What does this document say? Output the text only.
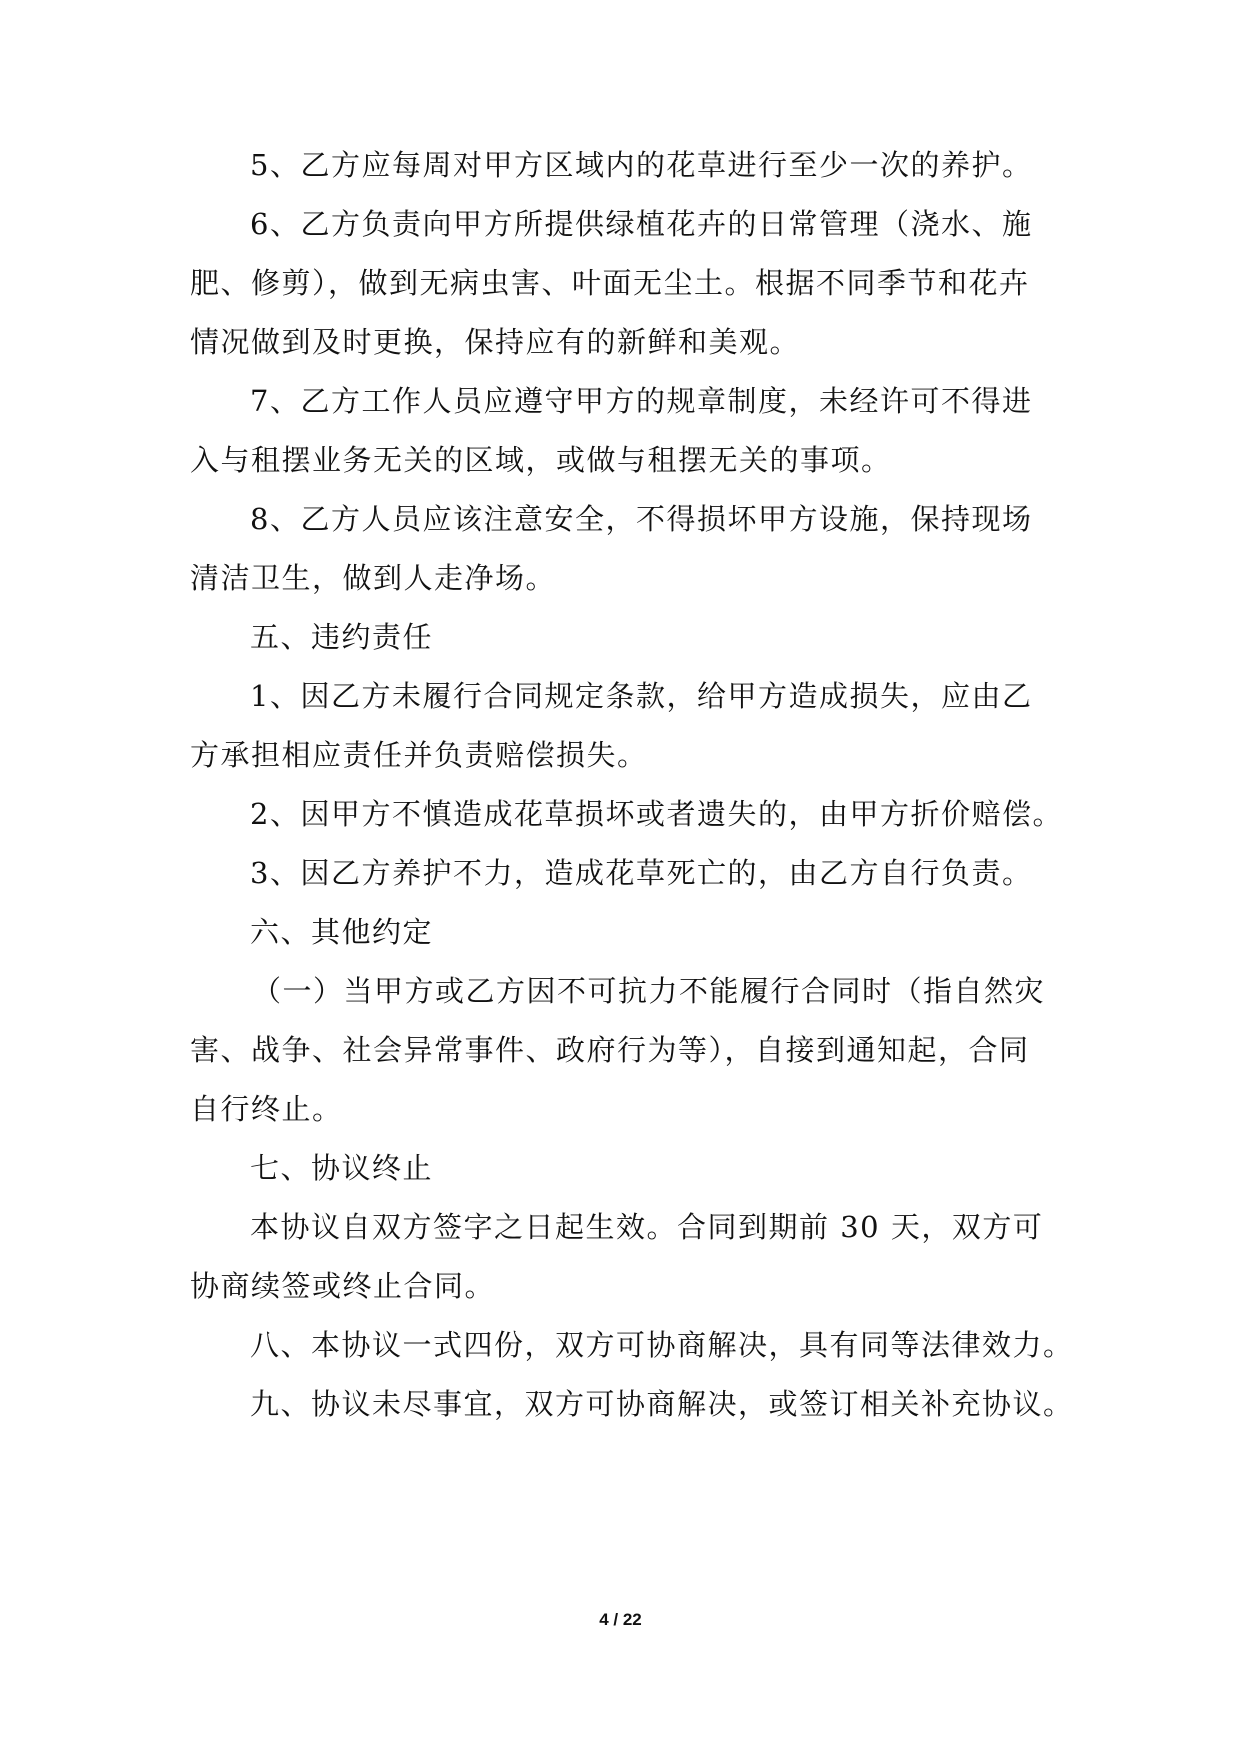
5、乙方应每周对甲方区域内的花草进行至少一次的养护。
6、乙方负责向甲方所提供绿植花卉的日常管理（浇水、施
肥、修剪），做到无病虫害、叶面无尘土。根据不同季节和花卉
情况做到及时更换，保持应有的新鲜和美观。
7、乙方工作人员应遵守甲方的规章制度，未经许可不得进
入与租摆业务无关的区域，或做与租摆无关的事项。
8、乙方人员应该注意安全，不得损坏甲方设施，保持现场
清洁卫生，做到人走净场。
五、违约责任
1、因乙方未履行合同规定条款，给甲方造成损失，应由乙
方承担相应责任并负责赔偿损失。
2、因甲方不慎造成花草损坏或者遗失的，由甲方折价赔偿。
3、因乙方养护不力，造成花草死亡的，由乙方自行负责。
六、其他约定
（一）当甲方或乙方因不可抗力不能履行合同时（指自然灾
害、战争、社会异常事件、政府行为等），自接到通知起，合同
自行终止。
七、协议终止
本协议自双方签字之日起生效。合同到期前 30 天，双方可
协商续签或终止合同。
八、本协议一式四份，双方可协商解决，具有同等法律效力。
九、协议未尽事宜，双方可协商解决，或签订相关补充协议。
4 / 22
